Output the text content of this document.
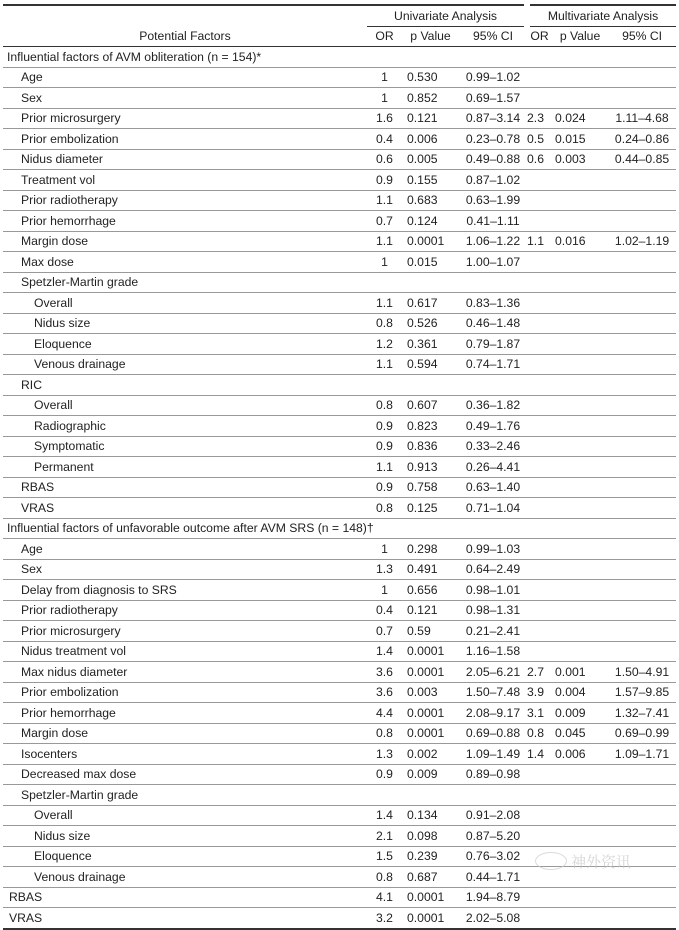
Potential Factors	Univariate Analysis			Multivariate Analysis		
	OR	p Value	95% CI	OR	p Value	95% CI
Influential factors of AVM obliteration (n = 154)*						
Age	1	0.530	0.99–1.02			
Sex	1	0.852	0.69–1.57			
Prior microsurgery	1.6	0.121	0.87–3.14	2.3	0.024	1.11–4.68
Prior embolization	0.4	0.006	0.23–0.78	0.5	0.015	0.24–0.86
Nidus diameter	0.6	0.005	0.49–0.88	0.6	0.003	0.44–0.85
Treatment vol	0.9	0.155	0.87–1.02			
Prior radiotherapy	1.1	0.683	0.63–1.99			
Prior hemorrhage	0.7	0.124	0.41–1.11			
Margin dose	1.1	0.0001	1.06–1.22	1.1	0.016	1.02–1.19
Max dose	1	0.015	1.00–1.07			
Spetzler-Martin grade						
Overall	1.1	0.617	0.83–1.36			
Nidus size	0.8	0.526	0.46–1.48			
Eloquence	1.2	0.361	0.79–1.87			
Venous drainage	1.1	0.594	0.74–1.71			
RIC						
Overall	0.8	0.607	0.36–1.82			
Radiographic	0.9	0.823	0.49–1.76			
Symptomatic	0.9	0.836	0.33–2.46			
Permanent	1.1	0.913	0.26–4.41			
RBAS	0.9	0.758	0.63–1.40			
VRAS	0.8	0.125	0.71–1.04			
Influential factors of unfavorable outcome after AVM SRS (n = 148)†						
Age	1	0.298	0.99–1.03			
Sex	1.3	0.491	0.64–2.49			
Delay from diagnosis to SRS	1	0.656	0.98–1.01			
Prior radiotherapy	0.4	0.121	0.98–1.31			
Prior microsurgery	0.7	0.59	0.21–2.41			
Nidus treatment vol	1.4	0.0001	1.16–1.58			
Max nidus diameter	3.6	0.0001	2.05–6.21	2.7	0.001	1.50–4.91
Prior embolization	3.6	0.003	1.50–7.48	3.9	0.004	1.57–9.85
Prior hemorrhage	4.4	0.0001	2.08–9.17	3.1	0.009	1.32–7.41
Margin dose	0.8	0.0001	0.69–0.88	0.8	0.045	0.69–0.99
Isocenters	1.3	0.002	1.09–1.49	1.4	0.006	1.09–1.71
Decreased max dose	0.9	0.009	0.89–0.98			
Spetzler-Martin grade						
Overall	1.4	0.134	0.91–2.08			
Nidus size	2.1	0.098	0.87–5.20			
Eloquence	1.5	0.239	0.76–3.02			
Venous drainage	0.8	0.687	0.44–1.71			
RBAS	4.1	0.0001	1.94–8.79			
VRAS	3.2	0.0001	2.02–5.08			
神外资讯
